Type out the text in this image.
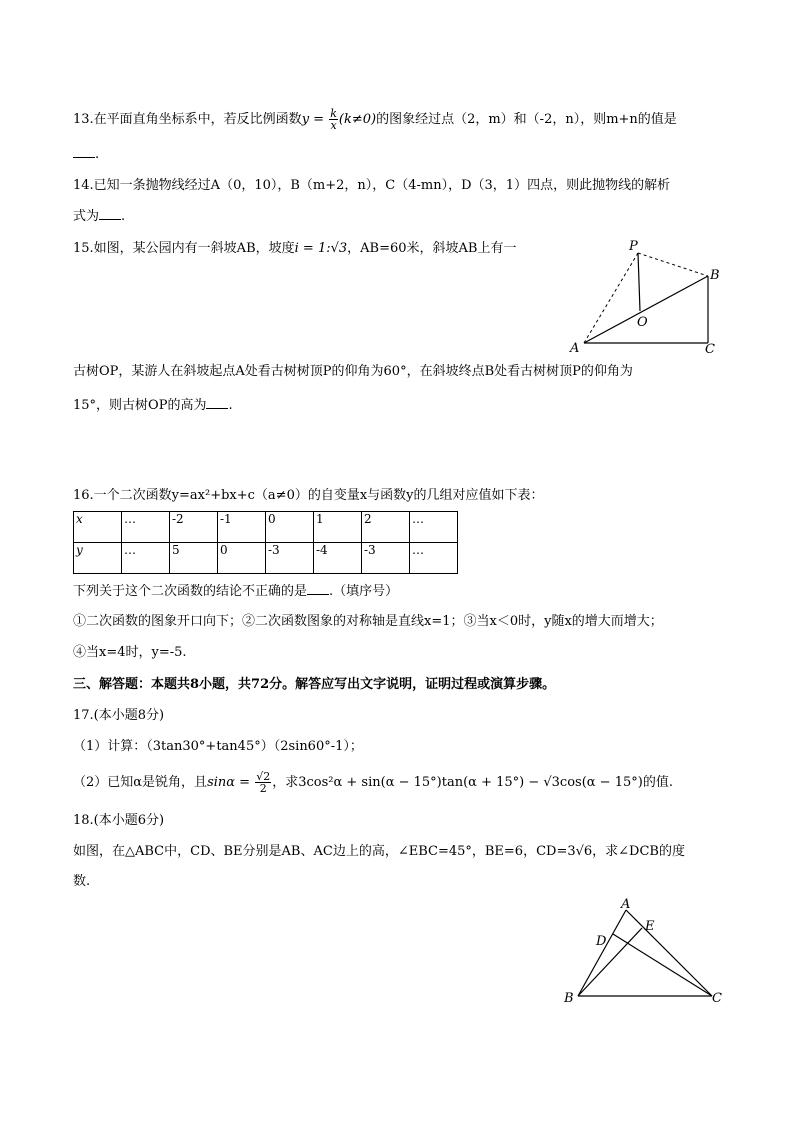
13.在平面直角坐标系中，若反比例函数$y = \frac{k}{x} (k\ne 0)$的图象经过点（2，m）和（-2，n），则m+n的值是
.
14.已知一条抛物线经过A（0，10），B（m+2，n），C（4-mn），D（3，1）四点，则此抛物线的解析
式为 .
15.如图，某公园内有一斜坡AB，坡度i = 1:√3，AB=60米，斜坡AB上有一	P
B
O
A	C
古树OP，某游人在斜坡起点A处看古树树顶P的仰角为60°，在斜坡终点B处看古树树顶P的仰角为
15°，则古树OP的高为 .
16.一个二次函数y=ax²+bx+c（a≠0）的自变量x与函数y的几组对应值如下表：
x	…	-2	-1	0	1	2	…
y	…	5	0	-3	-4	-3	…
下列关于这个二次函数的结论不正确的是 .（填序号）
①二次函数的图象开口向下；②二次函数图象的对称轴是直线x=1；③当x＜0时，y随x的增大而增大；
④当x=4时，y=-5.
三、解答题：本题共8小题，共72分。解答应写出文字说明，证明过程或演算步骤。
17.(本小题8分)
（1）计算：（3tan30°+tan45°）（2sin60°-1）；
（2）已知α是锐角，且$\sin\alpha = \frac{√2}{2}$ ，求3cos²α + sin(α − 15°)tan(α + 15°) − √3cos(α − 15°)的值.
18.(本小题6分)
如图，在△ABC中，CD、BE分别是AB、AC边上的高，∠EBC=45°，BE=6，CD=3√6，求∠DCB的度
数.
A
E
D
B	C
